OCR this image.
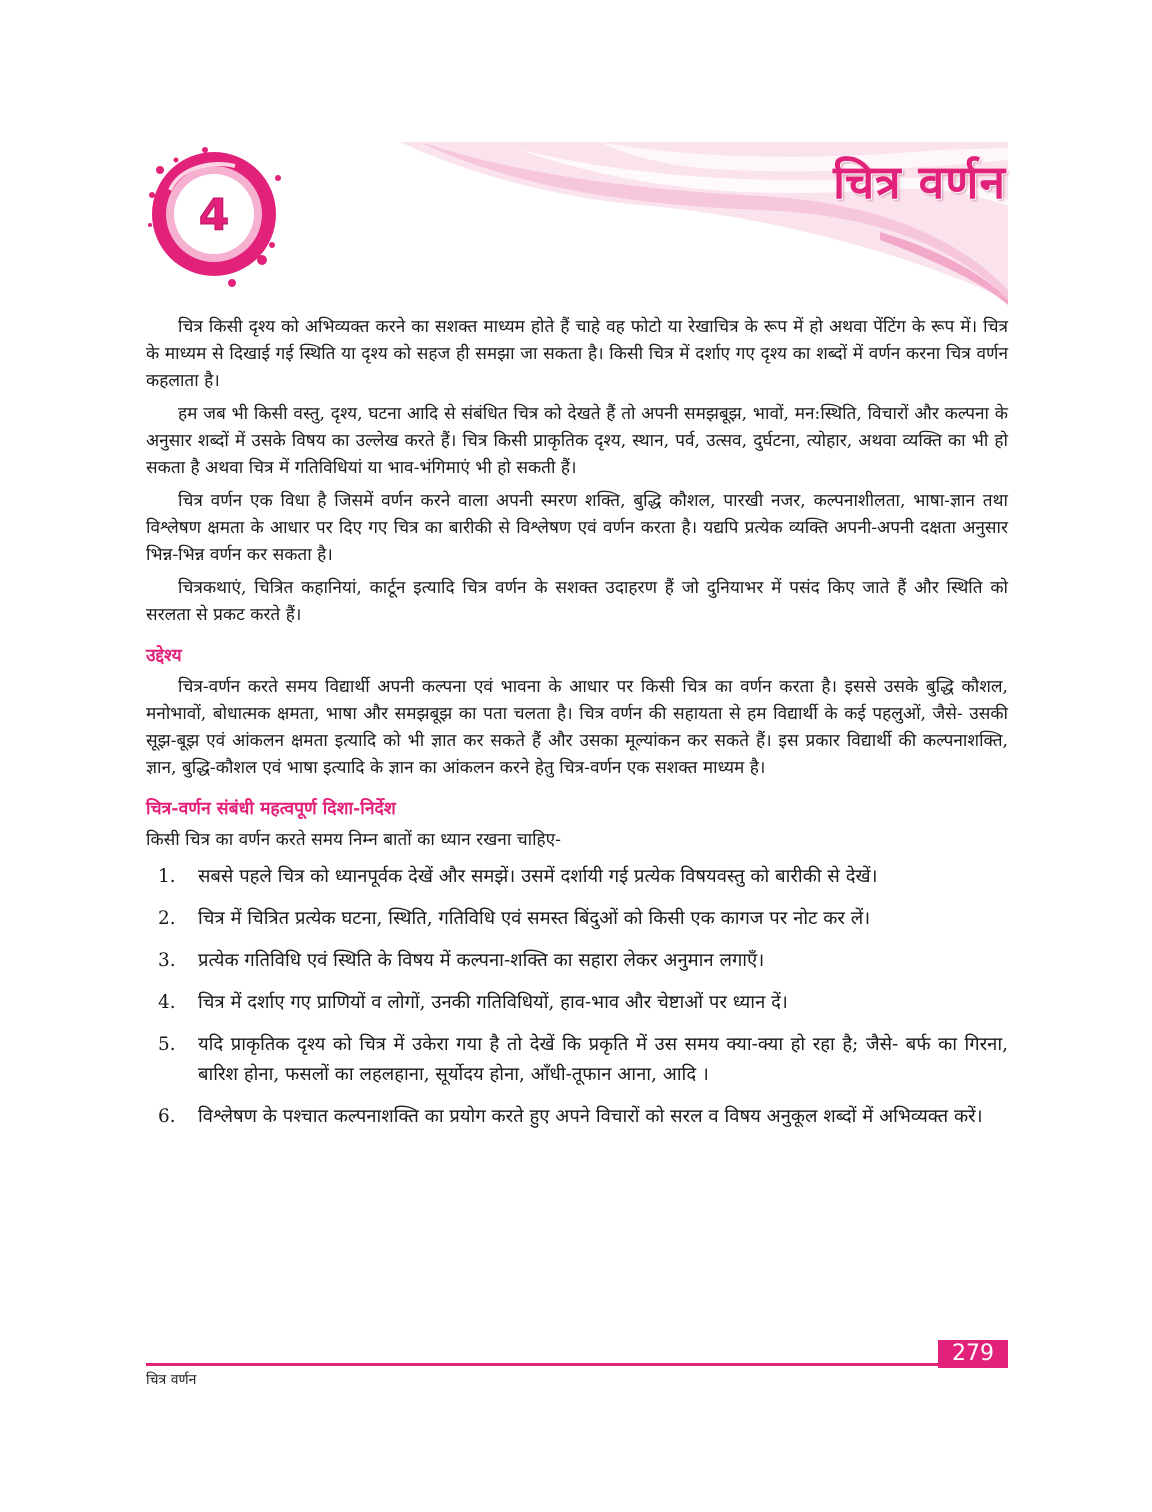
4
चित्र वर्णन

चित्र किसी दृश्य को अभिव्यक्त करने का सशक्त माध्यम होते हैं चाहे वह फोटो या रेखाचित्र के रूप में हो अथवा पेंटिंग के रूप में। चित्र के माध्यम से दिखाई गई स्थिति या दृश्य को सहज ही समझा जा सकता है। किसी चित्र में दर्शाए गए दृश्य का शब्दों में वर्णन करना चित्र वर्णन कहलाता है।

हम जब भी किसी वस्तु, दृश्य, घटना आदि से संबंधित चित्र को देखते हैं तो अपनी समझबूझ, भावों, मन:स्थिति, विचारों और कल्पना के अनुसार शब्दों में उसके विषय का उल्लेख करते हैं। चित्र किसी प्राकृतिक दृश्य, स्थान, पर्व, उत्सव, दुर्घटना, त्योहार, अथवा व्यक्ति का भी हो सकता है अथवा चित्र में गतिविधियां या भाव-भंगिमाएं भी हो सकती हैं।

चित्र वर्णन एक विधा है जिसमें वर्णन करने वाला अपनी स्मरण शक्ति, बुद्धि कौशल, पारखी नजर, कल्पनाशीलता, भाषा-ज्ञान तथा विश्लेषण क्षमता के आधार पर दिए गए चित्र का बारीकी से विश्लेषण एवं वर्णन करता है। यद्यपि प्रत्येक व्यक्ति अपनी-अपनी दक्षता अनुसार भिन्न-भिन्न वर्णन कर सकता है।

चित्रकथाएं, चित्रित कहानियां, कार्टून इत्यादि चित्र वर्णन के सशक्त उदाहरण हैं जो दुनियाभर में पसंद किए जाते हैं और स्थिति को सरलता से प्रकट करते हैं।

उद्देश्य

चित्र-वर्णन करते समय विद्यार्थी अपनी कल्पना एवं भावना के आधार पर किसी चित्र का वर्णन करता है। इससे उसके बुद्धि कौशल, मनोभावों, बोधात्मक क्षमता, भाषा और समझबूझ का पता चलता है। चित्र वर्णन की सहायता से हम विद्यार्थी के कई पहलुओं, जैसे- उसकी सूझ-बूझ एवं आंकलन क्षमता इत्यादि को भी ज्ञात कर सकते हैं और उसका मूल्यांकन कर सकते हैं। इस प्रकार विद्यार्थी की कल्पनाशक्ति, ज्ञान, बुद्धि-कौशल एवं भाषा इत्यादि के ज्ञान का आंकलन करने हेतु चित्र-वर्णन एक सशक्त माध्यम है।

चित्र-वर्णन संबंधी महत्वपूर्ण दिशा-निर्देश
किसी चित्र का वर्णन करते समय निम्न बातों का ध्यान रखना चाहिए-
1.	सबसे पहले चित्र को ध्यानपूर्वक देखें और समझें। उसमें दर्शायी गई प्रत्येक विषयवस्तु को बारीकी से देखें।
2.	चित्र में चित्रित प्रत्येक घटना, स्थिति, गतिविधि एवं समस्त बिंदुओं को किसी एक कागज पर नोट कर लें।
3.	प्रत्येक गतिविधि एवं स्थिति के विषय में कल्पना-शक्ति का सहारा लेकर अनुमान लगाएँ।
4.	चित्र में दर्शाए गए प्राणियों व लोगों, उनकी गतिविधियों, हाव-भाव और चेष्टाओं पर ध्यान दें।
5.	यदि प्राकृतिक दृश्य को चित्र में उकेरा गया है तो देखें कि प्रकृति में उस समय क्या-क्या हो रहा है; जैसे- बर्फ का गिरना, बारिश होना, फसलों का लहलहाना, सूर्योदय होना, आँधी-तूफान आना, आदि ।
6.	विश्लेषण के पश्चात कल्पनाशक्ति का प्रयोग करते हुए अपने विचारों को सरल व विषय अनुकूल शब्दों में अभिव्यक्त करें।
279
चित्र वर्णन
